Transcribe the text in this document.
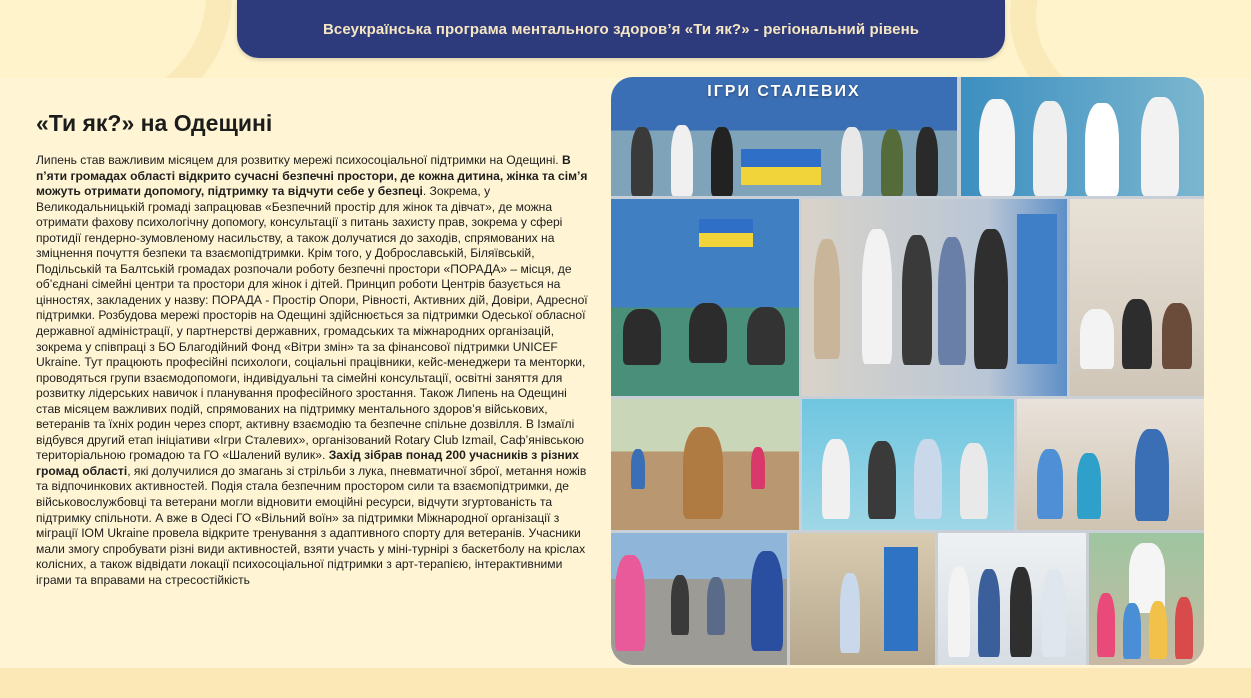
Всеукраїнська програма ментального здоров’я «Ти як?» - регіональний рівень
«Ти як?» на Одещині
Липень став важливим місяцем для розвитку мережі психосоціальної підтримки на Одещині. В п’яти громадах області відкрито сучасні безпечні простори, де кожна дитина, жінка та сім’я можуть отримати допомогу, підтримку та відчути себе у безпеці. Зокрема, у Великодальницькій громаді запрацював «Безпечний простір для жінок та дівчат», де можна отримати фахову психологічну допомогу, консультації з питань захисту прав, зокрема у сфері протидії гендерно-зумовленому насильству, а також долучатися до заходів, спрямованих на зміцнення почуття безпеки та взаємопідтримки. Крім того, у Доброславській, Біляївській, Подільській та Балтській громадах розпочали роботу безпечні простори «ПОРАДА» – місця, де об’єднані сімейні центри та простори для жінок і дітей. Принцип роботи Центрів базується на цінностях, закладених у назву: ПОРАДА - Простір Опори, Рівності, Активних дій, Довіри, Адресної підтримки. Розбудова мережі просторів на Одещині здійснюється за підтримки Одеської обласної державної адміністрації, у партнерстві державних, громадських та міжнародних організацій, зокрема у співпраці з БО Благодійний Фонд «Вітри змін» та за фінансової підтримки UNICEF Ukraine. Тут працюють професійні психологи, соціальні працівники, кейс-менеджери та менторки, проводяться групи взаємодопомоги, індивідуальні та сімейні консультації, освітні заняття для розвитку лідерських навичок і планування професійного зростання. Також Липень на Одещині став місяцем важливих подій, спрямованих на підтримку ментального здоров’я військових, ветеранів та їхніх родин через спорт, активну взаємодію та безпечне спільне дозвілля. В Ізмаїлі відбувся другий етап ініціативи «Ігри Сталевих», організований Rotary Club Izmail, Саф’янівською територіальною громадою та ГО «Шалений вулик». Захід зібрав понад 200 учасників з різних громад області, які долучилися до змагань зі стрільби з лука, пневматичної зброї, метання ножів та відпочинкових активностей. Подія стала безпечним простором сили та взаємопідтримки, де військовослужбовці та ветерани могли відновити емоційні ресурси, відчути згуртованість та підтримку спільноти. А вже в Одесі ГО «Вільний воїн» за підтримки Міжнародної організації з міграції IOM Ukraine провела відкрите тренування з адаптивного спорту для ветеранів. Учасники мали змогу спробувати різні види активностей, взяти участь у міні-турнірі з баскетболу на кріслах колісних, а також відвідати локації психосоціальної підтримки з арт-терапією, інтерактивними іграми та вправами на стресостійкість
ІГРИ СТАЛЕВИХ
